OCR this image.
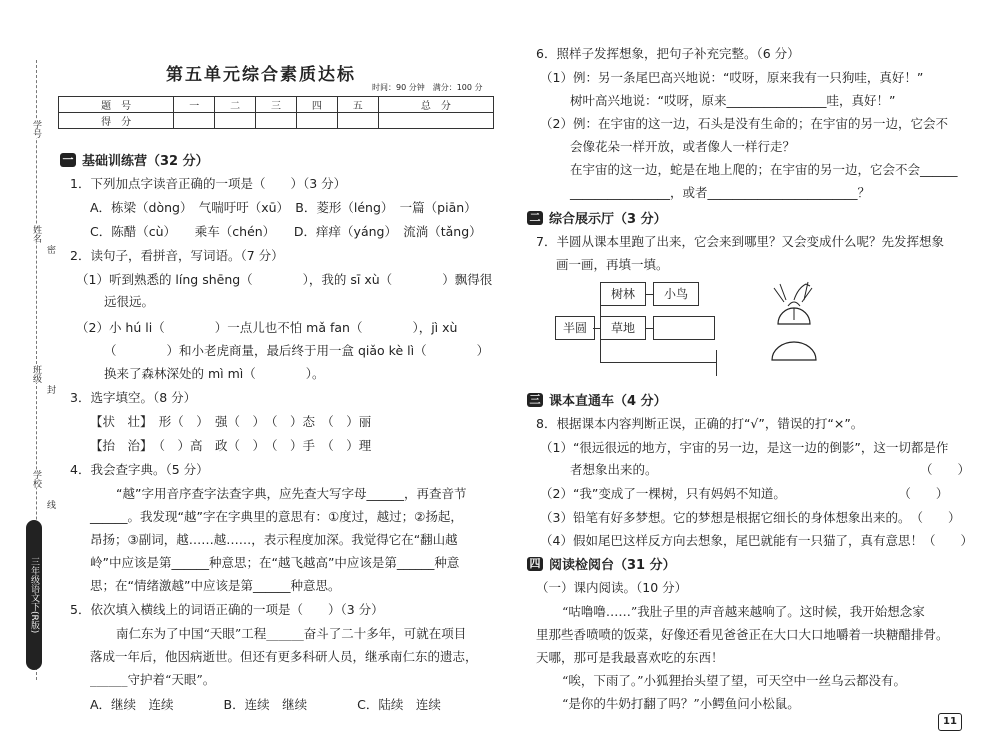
学号
姓名
班级
学校
密
封
线
三年级语文下(R版)
第五单元综合素质达标
时间：90 分钟　满分：100 分
题　号	一	二	三	四	五	总　分
得　分						
一 基础训练营（32 分）
二 综合展示厅（3 分）
三 课本直通车（4 分）
四 阅读检阅台（31 分）
1．下列加点字读音正确的一项是（　　）（3 分）
A．栋梁（dòng）　气喘吁吁（xū）　B．菱形（léng）　一篇（piān）
C．陈醋（cù）　　乘车（chén）　　D．痒痒（yáng）　流淌（tǎng）
2．读句子，看拼音，写词语。（7 分）
（1）听到熟悉的 líng shēng（　　　　），我的 sī xù（　　　　）飘得很
远很远。
（2）小 hú li（　　　　）一点儿也不怕 mǎ fan（　　　　），jì xù
（　　　　）和小老虎商量，最后终于用一盒 qiǎo kè lì（　　　　）
换来了森林深处的 mì mì（　　　　）。
3．选字填空。（8 分）
【状　壮】　形（　）　强（　）　（　）态　（　）丽
【抬　治】　（　）高　政（　）　（　）手　（　）理
4．我会查字典。（5 分）
“越”字用音序查字法查字典，应先查大写字母______，再查音节
______。我发现“越”字在字典里的意思有：①度过，越过；②扬起，
昂扬；③副词，越……越……，表示程度加深。我觉得它在“翻山越
岭”中应该是第______种意思；在“越飞越高”中应该是第______种意
思；在“情绪激越”中应该是第______种意思。
5．依次填入横线上的词语正确的一项是（　　）（3 分）
南仁东为了中国“天眼”工程______奋斗了二十多年，可就在项目
落成一年后，他因病逝世。但还有更多科研人员，继承南仁东的遗志，
______守护着“天眼”。
A．继续　连续　　　　B．连续　继续　　　　C．陆续　连续
6．照样子发挥想象，把句子补充完整。（6 分）
（1）例：另一条尾巴高兴地说：“哎呀，原来我有一只狗哇，真好！”
树叶高兴地说：“哎呀，原来________________哇，真好！”
（2）例：在宇宙的这一边，石头是没有生命的；在宇宙的另一边，它会不
会像花朵一样开放，或者像人一样行走？
在宇宙的这一边，蛇是在地上爬的；在宇宙的另一边，它会不会______
________________，或者________________________？
7．半圆从课本里跑了出来，它会来到哪里？又会变成什么呢？先发挥想象
画一画，再填一填。
8．根据课本内容判断正误，正确的打“√”，错误的打“×”。
（1）“很远很远的地方，宇宙的另一边，是这一边的倒影”，这一切都是作
者想象出来的。　　　　　　　　　　　　　　　　　　　　　　（　　）
（2）“我”变成了一棵树，只有妈妈不知道。　　　　　　　　　　（　　）
（3）铅笔有好多梦想。它的梦想是根据它细长的身体想象出来的。　（　　）
（4）假如尾巴这样反方向去想象，尾巴就能有一只猫了，真有意思！（　　）
（一）课内阅读。（10 分）
“咕噜噜……”我肚子里的声音越来越响了。这时候，我开始想念家
里那些香喷喷的饭菜，好像还看见爸爸正在大口大口地嚼着一块糖醋排骨。
天哪，那可是我最喜欢吃的东西！
“唉，下雨了。”小狐狸抬头望了望，可天空中一丝乌云都没有。
“是你的牛奶打翻了吗？”小鳄鱼问小松鼠。
半圆
树林	小鸟
草地
11
